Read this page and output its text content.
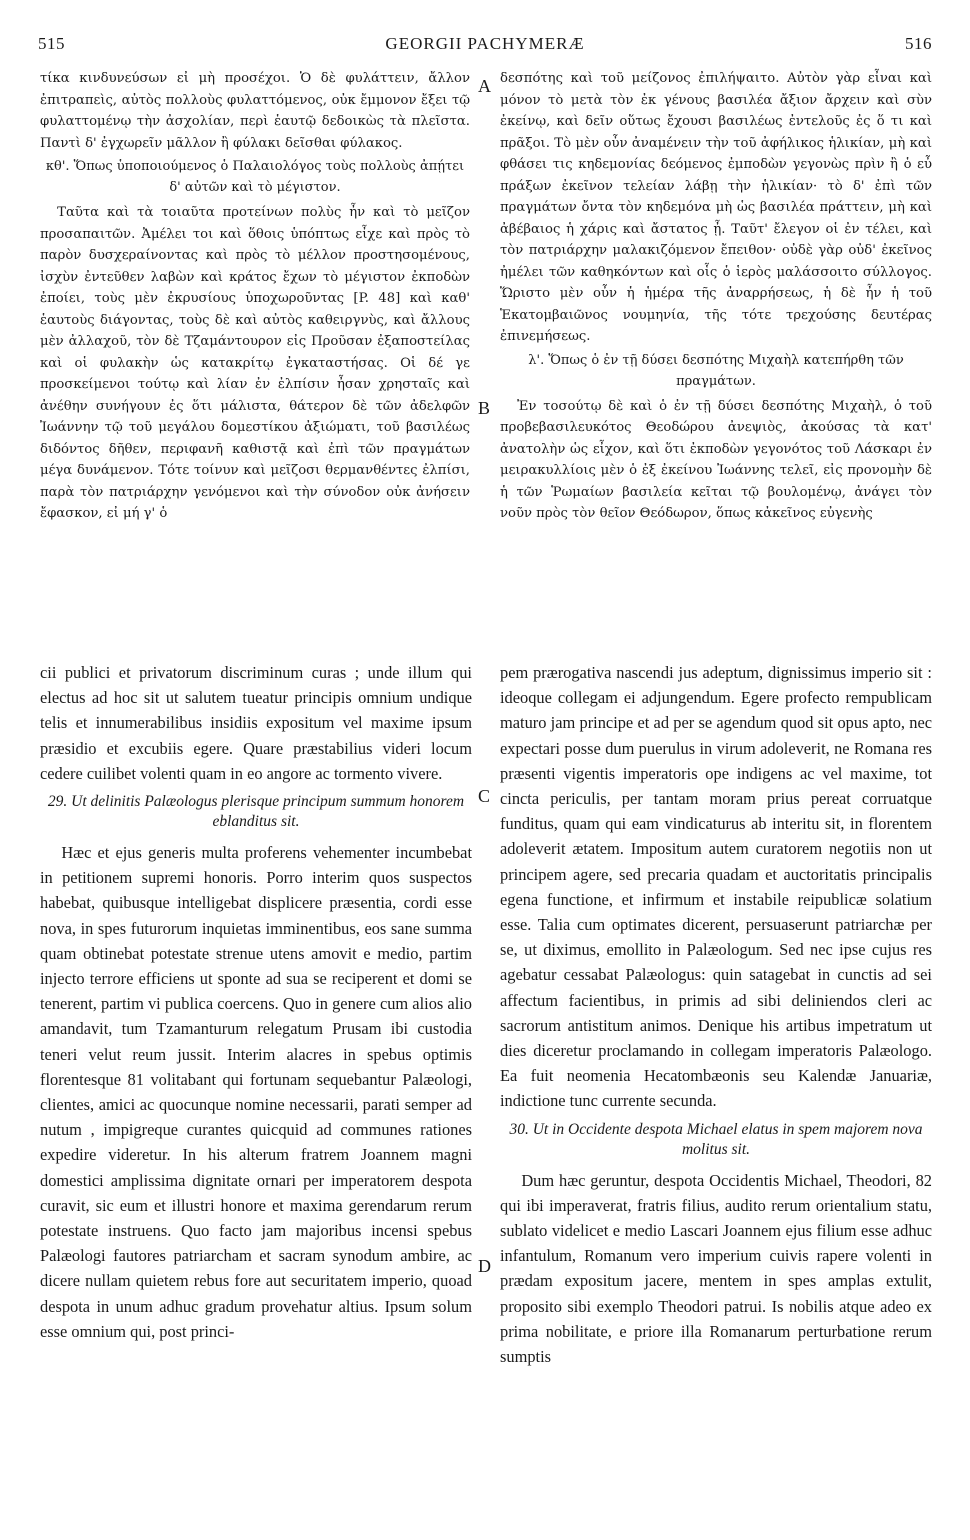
515	GEORGII PACHYMERÆ	516
A
B
C
D

τίκα κινδυνεύσων εἰ μὴ προσέχοι. Ὁ δὲ φυλάττειν, ἄλλον ἐπιτραπεὶς, αὐτὸς πολλοὺς φυλαττόμενος, οὐκ ἔμμονον ἔξει τῷ φυλαττομένῳ τὴν ἀσχολίαν, περὶ ἑαυτῷ δεδοικὼς τὰ πλεῖστα. Παντὶ δ' ἐγχωρεῖν μᾶλλον ἢ φύλακι δεῖσθαι φύλακος.

κθ'. Ὅπως ὑποποιούμενος ὁ Παλαιολόγος τοὺς πολλοὺς ἀπῄτει δ' αὐτῶν καὶ τὸ μέγιστον.

Ταῦτα καὶ τὰ τοιαῦτα προτείνων πολὺς ἦν καὶ τὸ μεῖζον προσαπαιτῶν. Ἀμέλει τοι καὶ ὅθοις ὑπόπτως εἶχε καὶ πρὸς τὸ παρὸν δυσχεραίνοντας καὶ πρὸς τὸ μέλλον προστησομένους, ἰσχὺν ἐντεῦθεν λαβὼν καὶ κράτος ἔχων τὸ μέγιστον ἐκποδὼν ἐποίει, τοὺς μὲν ἐκρυσίους ὑποχωροῦντας [P. 48] καὶ καθ' ἑαυτοὺς διάγοντας, τοὺς δὲ καὶ αὐτὸς καθειργνὺς, καὶ ἄλλους μὲν ἀλλαχοῦ, τὸν δὲ Τζαμάντουρον εἰς Προῦσαν ἐξαποστείλας καὶ οἱ φυλακὴν ὡς κατακρίτῳ ἐγκαταστήσας. Οἱ δέ γε προσκείμενοι τούτῳ καὶ λίαν ἐν ἐλπίσιν ἦσαν χρησταῖς καὶ ἀνέθην συνήγουν ἐς ὅτι μάλιστα, θάτερον δὲ τῶν ἀδελφῶν Ἰωάννην τῷ τοῦ μεγάλου δομεστίκου ἀξιώματι, τοῦ βασιλέως διδόντος δῆθεν, περιφανῆ καθιστᾷ καὶ ἐπὶ τῶν πραγμάτων μέγα δυνάμενον. Τότε τοίνυν καὶ μεῖζοσι θερμανθέντες ἐλπίσι, παρὰ τὸν πατριάρχην γενόμενοι καὶ τὴν σύνοδον οὐκ ἀνήσειν ἔφασκον, εἰ μή γ' ὁ

δεσπότης καὶ τοῦ μείζονος ἐπιλήψαιτο. Αὐτὸν γὰρ εἶναι καὶ μόνον τὸ μετὰ τὸν ἐκ γένους βασιλέα ἄξιον ἄρχειν καὶ σὺν ἐκείνῳ, καὶ δεῖν οὕτως ἔχουσι βασιλέως ἐντελοῦς ἐς ὅ τι καὶ πρᾶξοι. Τὸ μὲν οὖν ἀναμένειν τὴν τοῦ ἀφήλικος ἡλικίαν, μὴ καὶ φθάσει τις κηδεμονίας δεόμενος ἐμποδὼν γεγονὼς πρὶν ἢ ὁ εὖ πράξων ἐκεῖνον τελείαν λάβῃ τὴν ἡλικίαν· τὸ δ' ἐπὶ τῶν πραγμάτων ὄντα τὸν κηδεμόνα μὴ ὡς βασιλέα πράττειν, μὴ καὶ ἀβέβαιος ἡ χάρις καὶ ἄστατος ᾖ. Ταῦτ' ἔλεγον οἱ ἐν τέλει, καὶ τὸν πατριάρχην μαλακιζόμενον ἔπειθον· οὐδὲ γὰρ οὐδ' ἐκεῖνος ἠμέλει τῶν καθηκόντων καὶ οἷς ὁ ἱερὸς μαλάσσοιτο σύλλογος. Ὥριστο μὲν οὖν ἡ ἡμέρα τῆς ἀναρρήσεως, ἡ δὲ ἦν ἡ τοῦ Ἑκατομβαιῶνος νουμηνία, τῆς τότε τρεχούσης δευτέρας ἐπινεμήσεως.

λ'. Ὅπως ὁ ἐν τῇ δύσει δεσπότης Μιχαὴλ κατεπήρθη τῶν πραγμάτων.

Ἐν τοσούτῳ δὲ καὶ ὁ ἐν τῇ δύσει δεσπότης Μιχαὴλ, ὁ τοῦ προβεβασιλευκότος Θεοδώρου ἀνεψιὸς, ἀκούσας τὰ κατ' ἀνατολὴν ὡς εἶχον, καὶ ὅτι ἐκποδὼν γεγονότος τοῦ Λάσκαρι ἐν μειρακυλλίοις μὲν ὁ ἐξ ἐκείνου Ἰωάννης τελεῖ, εἰς προνομὴν δὲ ἡ τῶν Ῥωμαίων βασιλεία κεῖται τῷ βουλομένῳ, ἀνάγει τὸν νοῦν πρὸς τὸν θεῖον Θεόδωρον, ὅπως κἀκεῖνος εὐγενὴς

cii publici et privatorum discriminum curas ; unde illum qui electus ad hoc sit ut salutem tueatur principis omnium undique telis et innumerabilibus insidiis expositum vel maxime ipsum præsidio et excubiis egere. Quare præstabilius videri locum cedere cuilibet volenti quam in eo angore ac tormento vivere.

29. Ut delinitis Palæologus plerisque principum summum honorem eblanditus sit.

Hæc et ejus generis multa proferens vehementer incumbebat in petitionem supremi honoris. Porro interim quos suspectos habebat, quibusque intelligebat displicere præsentia, cordi esse nova, in spes futurorum inquietas imminentibus, eos sane summa quam obtinebat potestate strenue utens amovit e medio, partim injecto terrore efficiens ut sponte ad sua se reciperent et domi se tenerent, partim vi publica coercens. Quo in genere cum alios alio amandavit, tum Tzamanturum relegatum Prusam ibi custodia teneri velut reum jussit. Interim alacres in spebus optimis florentesque 81 volitabant qui fortunam sequebantur Palæologi, clientes, amici ac quocunque nomine necessarii, parati semper ad nutum , impigreque curantes quicquid ad communes rationes expedire videretur. In his alterum fratrem Joannem magni domestici amplissima dignitate ornari per imperatorem despota curavit, sic eum et illustri honore et maxima gerendarum rerum potestate instruens. Quo facto jam majoribus incensi spebus Palæologi fautores patriarcham et sacram synodum ambire, ac dicere nullam quietem rebus fore aut securitatem imperio, quoad despota in unum adhuc gradum provehatur altius. Ipsum solum esse omnium qui, post princi-

pem prærogativa nascendi jus adeptum, dignissimus imperio sit : ideoque collegam ei adjungendum. Egere profecto rempublicam maturo jam principe et ad per se agendum quod sit opus apto, nec expectari posse dum puerulus in virum adoleverit, ne Romana res præsenti vigentis imperatoris ope indigens ac vel maxime, tot cincta periculis, per tantam moram prius pereat corruatque funditus, quam qui eam vindicaturus ab interitu sit, in florentem adoleverit ætatem. Impositum autem curatorem negotiis non ut principem agere, sed precaria quadam et auctoritatis principalis egena functione, et infirmum et instabile reipublicæ solatium esse. Talia cum optimates dicerent, persuaserunt patriarchæ per se, ut diximus, emollito in Palæologum. Sed nec ipse cujus res agebatur cessabat Palæologus: quin satagebat in cunctis ad sei affectum facientibus, in primis ad sibi deliniendos cleri ac sacrorum antistitum animos. Denique his artibus impetratum ut dies diceretur proclamando in collegam imperatoris Palæologo. Ea fuit neomenia Hecatombæonis seu Kalendæ Januariæ, indictione tunc currente secunda.

30. Ut in Occidente despota Michael elatus in spem majorem nova molitus sit.

Dum hæc geruntur, despota Occidentis Michael, Theodori, 82 qui ibi imperaverat, fratris filius, audito rerum orientalium statu, sublato videlicet e medio Lascari Joannem ejus filium esse adhuc infantulum, Romanum vero imperium cuivis rapere volenti in prædam expositum jacere, mentem in spes amplas extulit, proposito sibi exemplo Theodori patrui. Is nobilis atque adeo ex prima nobilitate, e priore illa Romanarum perturbatione rerum sumptis
